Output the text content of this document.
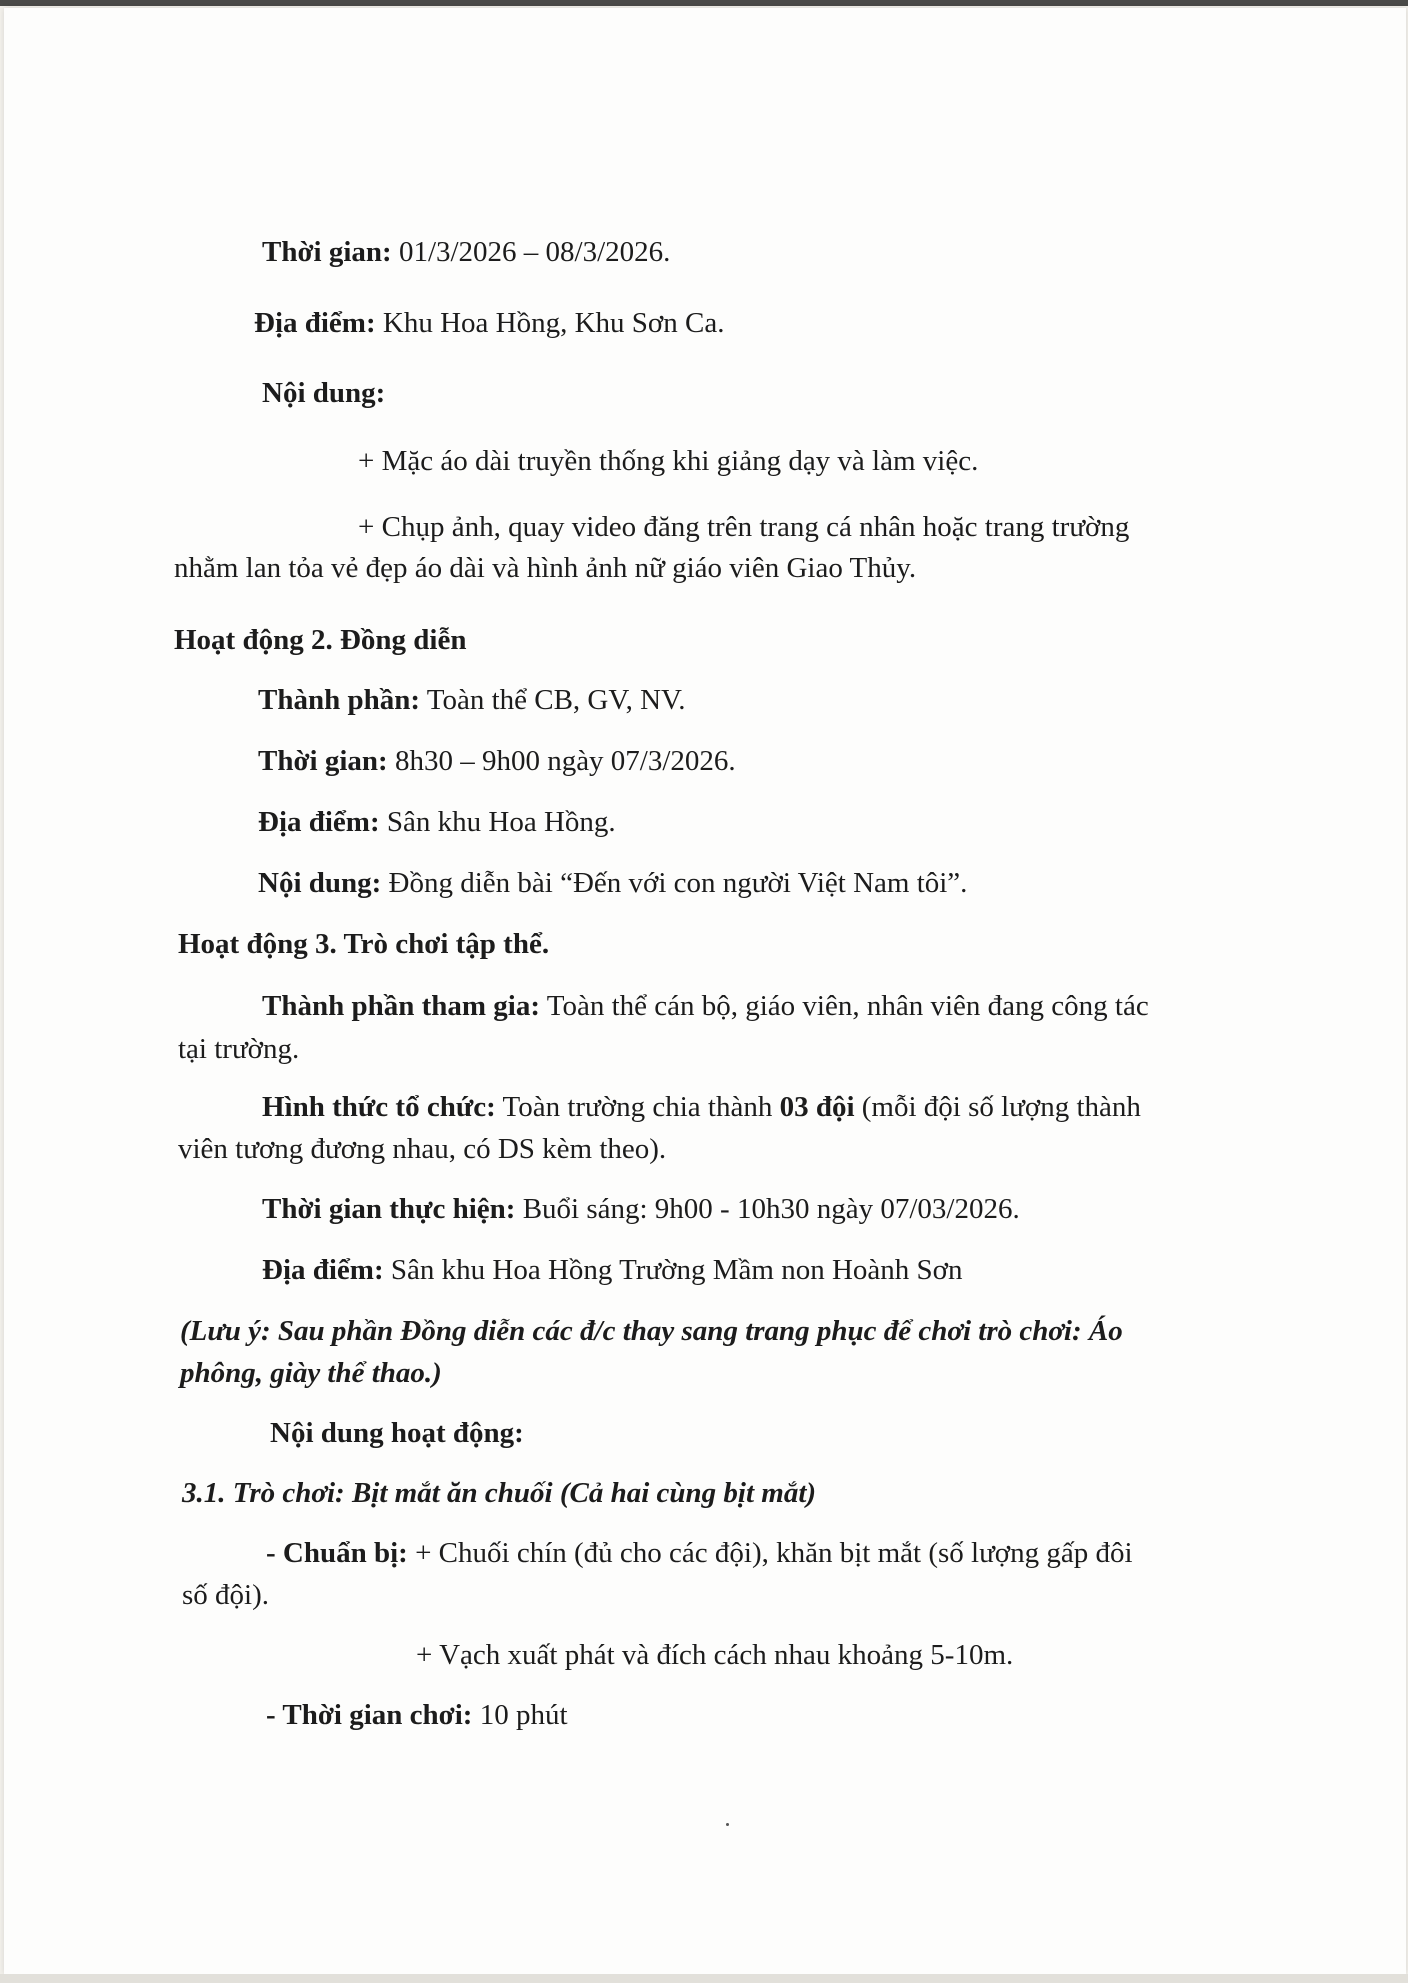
Thời gian: 01/3/2026 – 08/3/2026.
Địa điểm: Khu Hoa Hồng, Khu Sơn Ca.
Nội dung:
+ Mặc áo dài truyền thống khi giảng dạy và làm việc.
+ Chụp ảnh, quay video đăng trên trang cá nhân hoặc trang trường
nhằm lan tỏa vẻ đẹp áo dài và hình ảnh nữ giáo viên Giao Thủy.
Hoạt động 2. Đồng diễn
Thành phần: Toàn thể CB, GV, NV.
Thời gian: 8h30 – 9h00 ngày 07/3/2026.
Địa điểm: Sân khu Hoa Hồng.
Nội dung: Đồng diễn bài “Đến với con người Việt Nam tôi”.
Hoạt động 3. Trò chơi tập thể.
Thành phần tham gia: Toàn thể cán bộ, giáo viên, nhân viên đang công tác
tại trường.
Hình thức tổ chức: Toàn trường chia thành 03 đội (mỗi đội số lượng thành
viên tương đương nhau, có DS kèm theo).
Thời gian thực hiện: Buổi sáng: 9h00 - 10h30 ngày 07/03/2026.
Địa điểm: Sân khu Hoa Hồng Trường Mầm non Hoành Sơn
(Lưu ý: Sau phần Đồng diễn các đ/c thay sang trang phục để chơi trò chơi: Áo
phông, giày thể thao.)
Nội dung hoạt động:
3.1. Trò chơi: Bịt mắt ăn chuối (Cả hai cùng bịt mắt)
- Chuẩn bị: + Chuối chín (đủ cho các đội), khăn bịt mắt (số lượng gấp đôi
số đội).
+ Vạch xuất phát và đích cách nhau khoảng 5-10m.
- Thời gian chơi: 10 phút
